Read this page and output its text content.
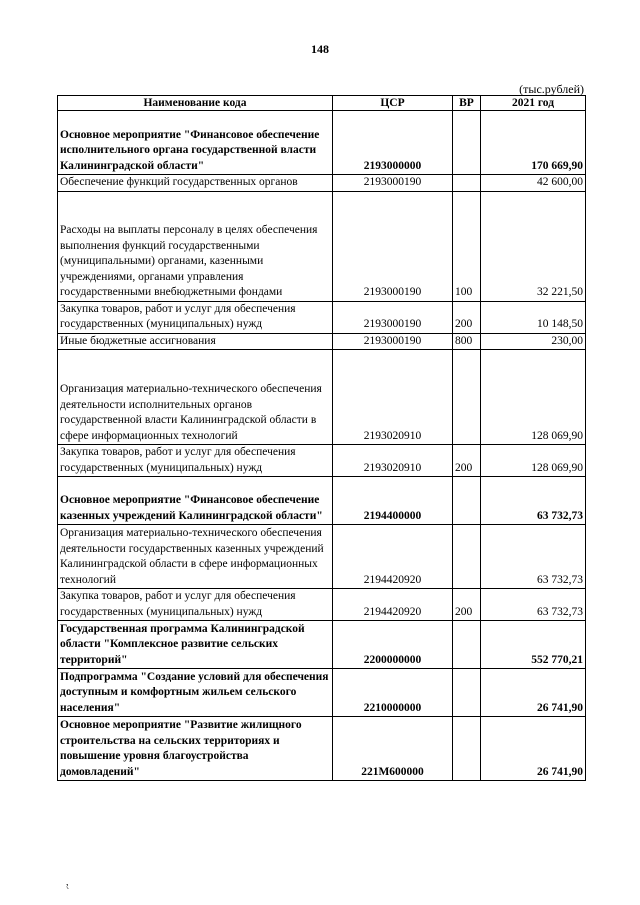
148
(тыс.рублей)
Наименование кода	ЦСР	ВР	2021 год
Основное мероприятие "Финансовое обеспечение исполнительного органа государственной власти Калининградской области"	2193000000		170 669,90
Обеспечение функций государственных органов	2193000190		42 600,00
Расходы на выплаты персоналу в целях обеспечения выполнения функций государственными (муниципальными) органами, казенными учреждениями, органами управления государственными внебюджетными фондами	2193000190	100	32 221,50
Закупка товаров, работ и услуг для обеспечения государственных (муниципальных) нужд	2193000190	200	10 148,50
Иные бюджетные ассигнования	2193000190	800	230,00
Организация материально-технического обеспечения деятельности исполнительных органов государственной власти Калининградской области в сфере информационных технологий	2193020910		128 069,90
Закупка товаров, работ и услуг для обеспечения государственных (муниципальных) нужд	2193020910	200	128 069,90
Основное мероприятие "Финансовое обеспечение казенных учреждений Калининградской области"	2194400000		63 732,73
Организация материально-технического обеспечения деятельности государственных казенных учреждений Калининградской области в сфере информационных технологий	2194420920		63 732,73
Закупка товаров, работ и услуг для обеспечения государственных (муниципальных) нужд	2194420920	200	63 732,73
Государственная программа Калининградской области "Комплексное развитие сельских территорий"	2200000000		552 770,21
Подпрограмма "Создание условий для обеспечения доступным и комфортным жильем сельского населения"	2210000000		26 741,90
Основное мероприятие "Развитие жилищного строительства на сельских территориях и повышение уровня благоустройства домовладений"	221M600000		26 741,90
,
ˋ
